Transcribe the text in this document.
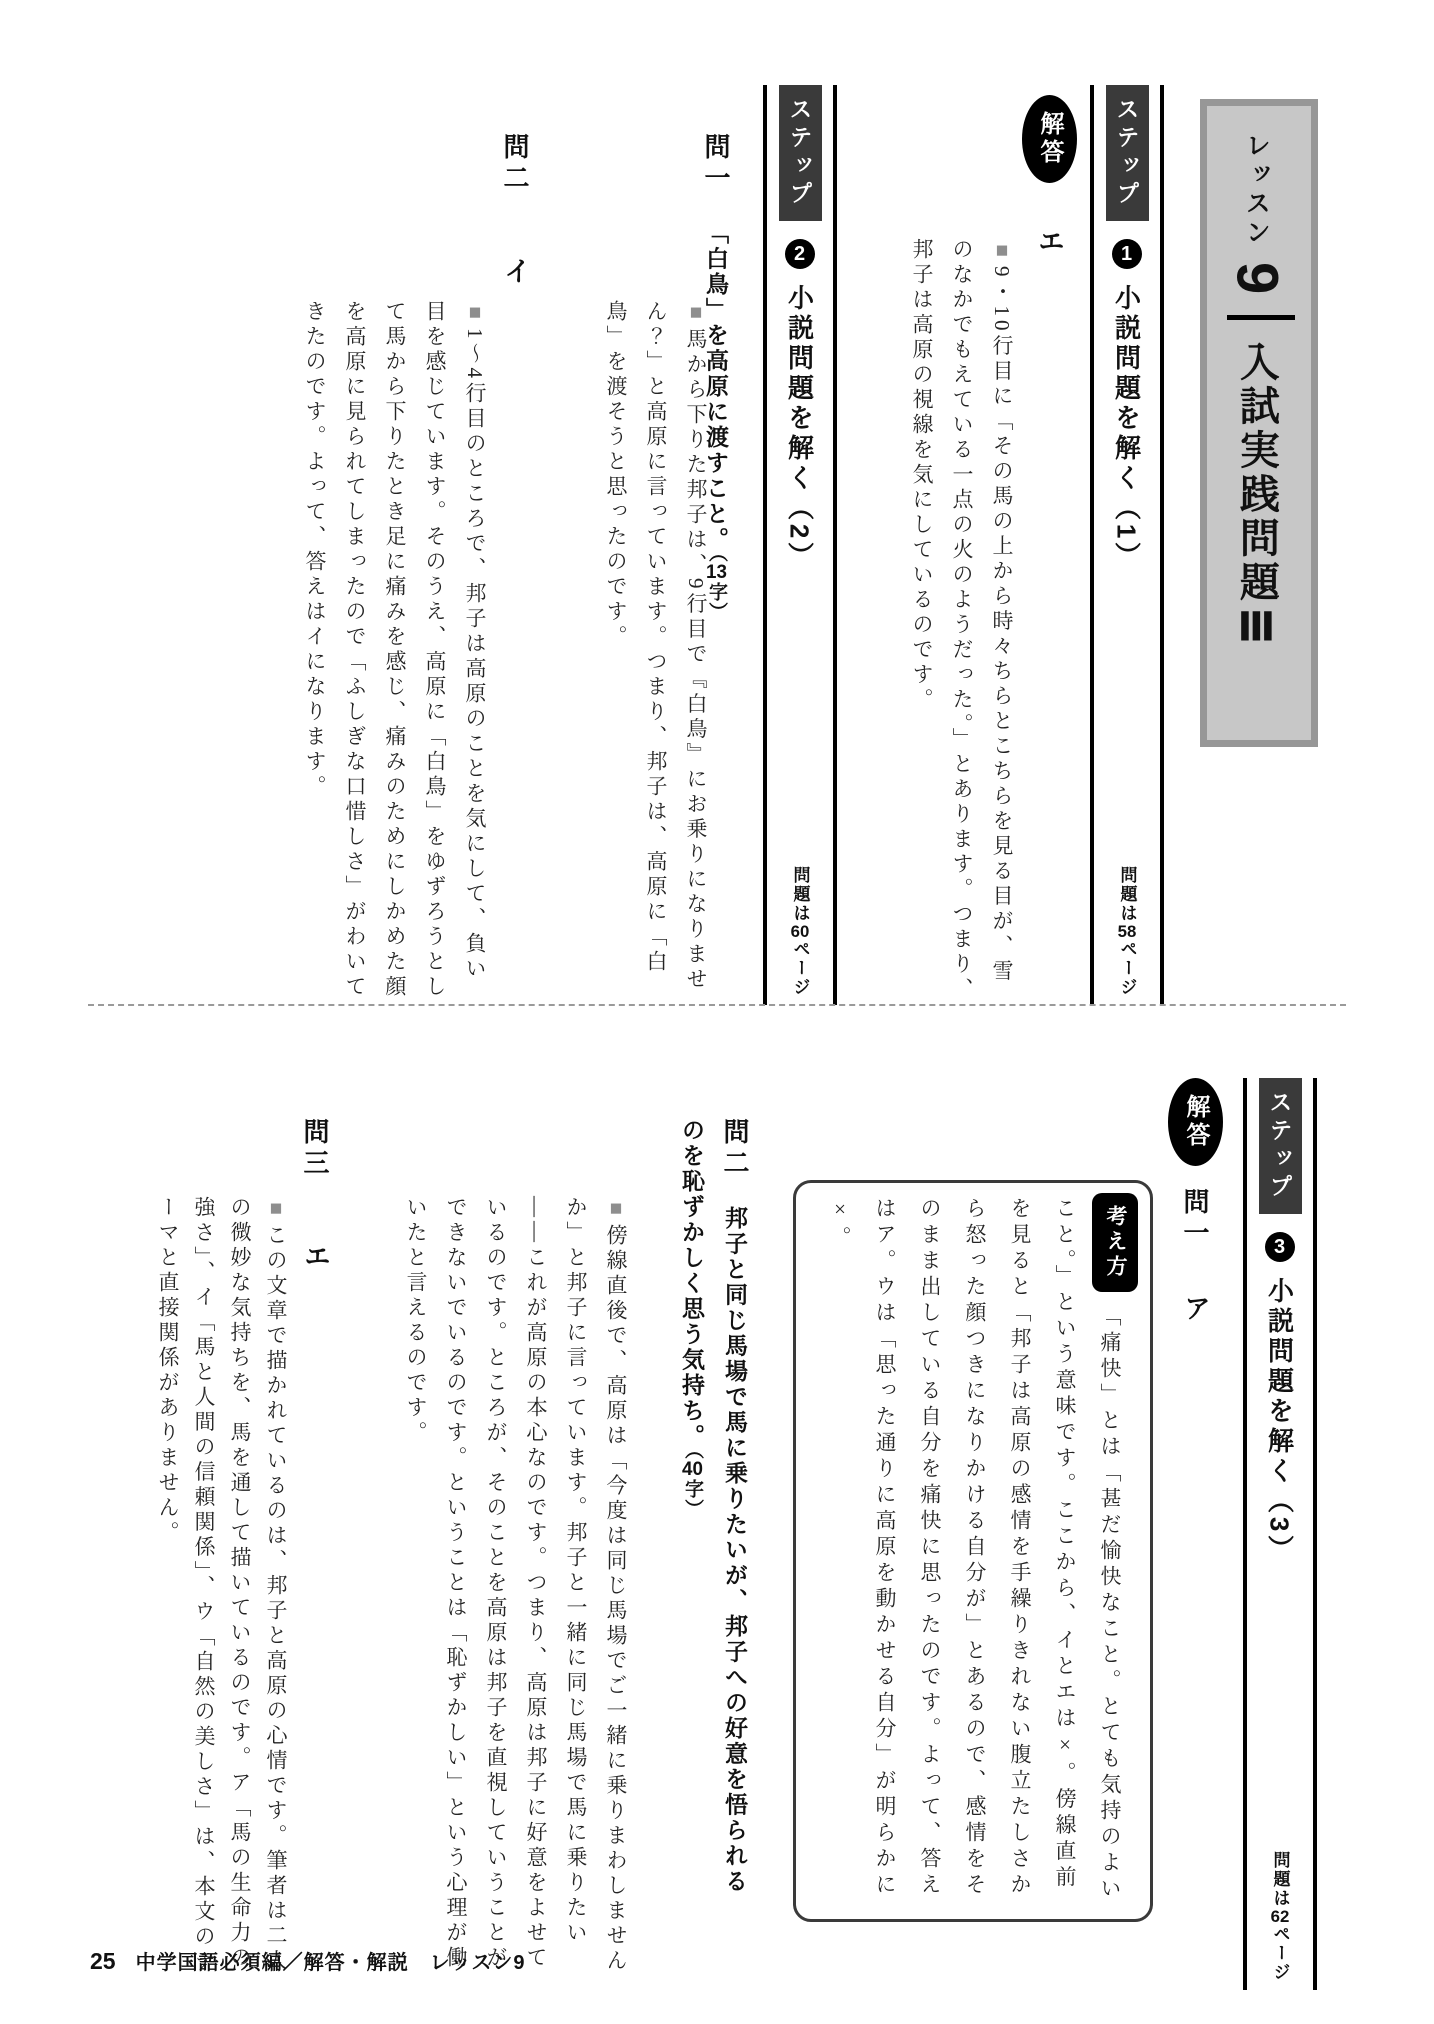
レッスン 9  入試実践問題Ⅲ
ステップ 1 小説問題を解く（1）
問題は58ページ
解答
エ
■9・10行目に「その馬の上から時々ちらとこちらを見る目が、雪のなかでもえている一点の火のようだった。」とあります。つまり、邦子は高原の視線を気にしているのです。
ステップ 2 小説問題を解く（2）
問題は60ページ
問一「白鳥」を高原に渡すこと。（13字）
■馬から下りた邦子は、9行目で『白鳥』にお乗りになりません？」と高原に言っています。つまり、邦子は、高原に「白鳥」を渡そうと思ったのです。
問二イ
■1～4行目のところで、邦子は高原のことを気にして、負い目を感じています。そのうえ、高原に「白鳥」をゆずろうとして馬から下りたとき足に痛みを感じ、痛みのためにしかめた顔を高原に見られてしまったので「ふしぎな口惜しさ」がわいてきたのです。よって、答えはイになります。
ステップ 3 小説問題を解く（3）
問題は62ページ
解答
問一
ア
考え方
「痛快」とは「甚だ愉快なこと。とても気持のよいこと。」という意味です。ここから、イとエは×。傍線直前を見ると「邦子は高原の感情を手繰りきれない腹立たしさから怒った顔つきになりかける自分が」とあるので、感情をそのまま出している自分を痛快に思ったのです。よって、答えはア。ウは「思った通りに高原を動かせる自分」が明らかに×。
問二邦子と同じ馬場で馬に乗りたいが、邦子への好意を悟られるのを恥ずかしく思う気持ち。（40字）
■傍線直後で、高原は「今度は同じ馬場でご一緒に乗りまわしませんか」と邦子に言っています。邦子と一緒に同じ馬場で馬に乗りたい――これが高原の本心なのです。つまり、高原は邦子に好意をよせているのです。ところが、そのことを高原は邦子を直視していうことができないでいるのです。ということは「恥ずかしい」という心理が働いたと言えるのです。
問三エ
■この文章で描かれているのは、邦子と高原の心情です。筆者は二人の微妙な気持ちを、馬を通して描いているのです。ア「馬の生命力の強さ」、イ「馬と人間の信頼関係」、ウ「自然の美しさ」は、本文のテーマと直接関係がありません。
25 中学国語必須編／解答・解説　レッスン9
